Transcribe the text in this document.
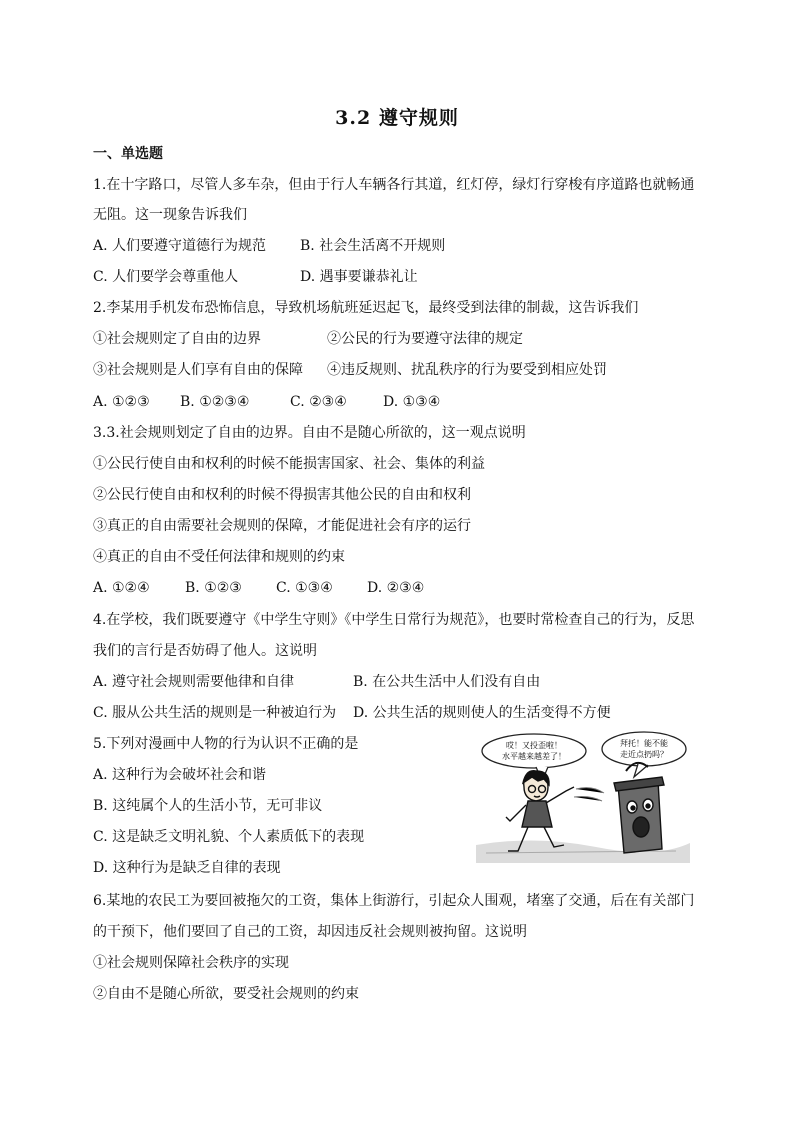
3.2 遵守规则
一、单选题
1.在十字路口，尽管人多车杂，但由于行人车辆各行其道，红灯停，绿灯行穿梭有序道路也就畅通
无阻。这一现象告诉我们
A. 人们要遵守道德行为规范 B. 社会生活离不开规则
C. 人们要学会尊重他人	D. 遇事要谦恭礼让
2.李某用手机发布恐怖信息，导致机场航班延迟起飞，最终受到法律的制裁，这告诉我们
①社会规则定了自由的边界	②公民的行为要遵守法律的规定
③社会规则是人们享有自由的保障 ④违反规则、扰乱秩序的行为要受到相应处罚
A. ①②③ B. ①②③④	C. ②③④	D. ①③④
3.3.社会规则划定了自由的边界。自由不是随心所欲的，这一观点说明
①公民行使自由和权利的时候不能损害国家、社会、集体的利益
②公民行使自由和权利的时候不得损害其他公民的自由和权利
③真正的自由需要社会规则的保障，才能促进社会有序的运行
④真正的自由不受任何法律和规则的约束
A. ①②④	B. ①②③ C. ①③④ D. ②③④
4.在学校，我们既要遵守《中学生守则》《中学生日常行为规范》，也要时常检查自己的行为，反思
我们的言行是否妨碍了他人。这说明
A. 遵守社会规则需要他律和自律	B. 在公共生活中人们没有自由
C. 服从公共生活的规则是一种被迫行为 D. 公共生活的规则使人的生活变得不方便
5.下列对漫画中人物的行为认识不正确的是
A. 这种行为会破坏社会和谐
B. 这纯属个人的生活小节，无可非议
C. 这是缺乏文明礼貌、个人素质低下的表现
D. 这种行为是缺乏自律的表现
哎！又投歪啦！
水平越来越差了！
拜托！能不能
走近点扔吗？
6.某地的农民工为要回被拖欠的工资，集体上街游行，引起众人围观，堵塞了交通，后在有关部门
的干预下，他们要回了自己的工资，却因违反社会规则被拘留。这说明
①社会规则保障社会秩序的实现
②自由不是随心所欲，要受社会规则的约束
